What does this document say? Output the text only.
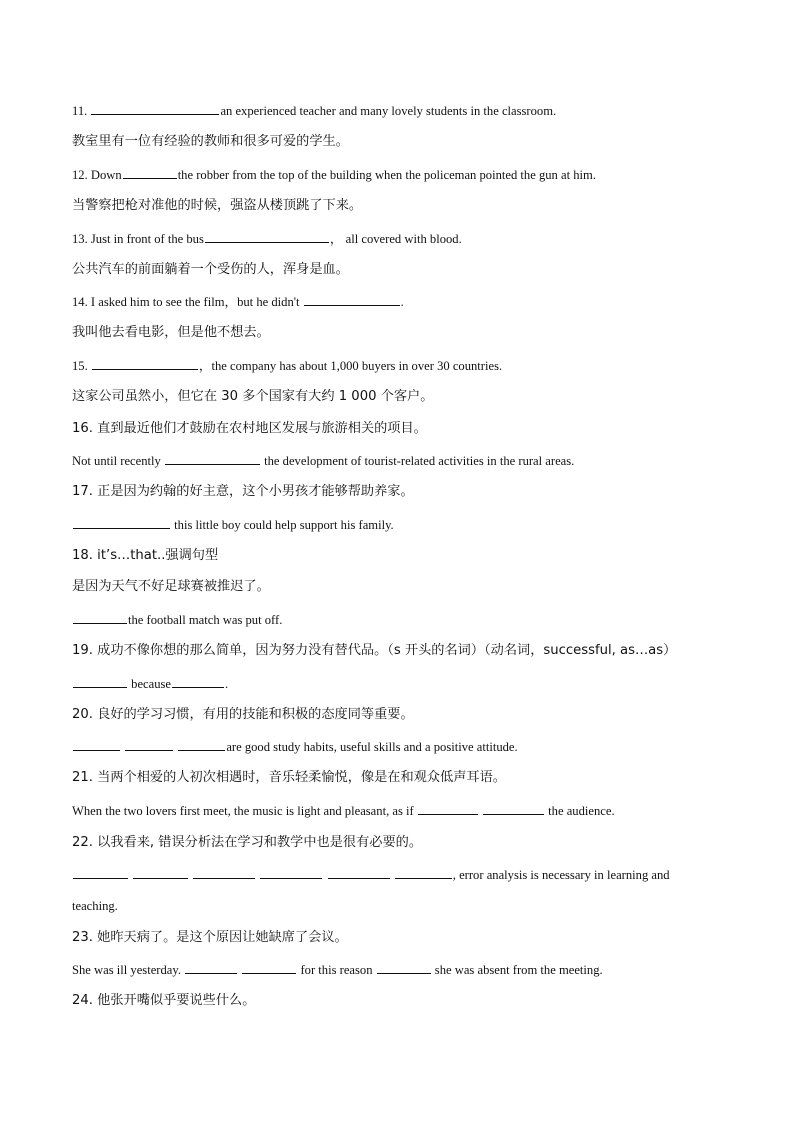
11.	an experienced teacher and many lovely students in the classroom.
教室里有一位有经验的教师和很多可爱的学生。
12. Down	the robber from the top of the building when the policeman pointed the gun at him.
当警察把枪对准他的时候，强盗从楼顶跳了下来。
13. Just in front of the bus	， all covered with blood.
公共汽车的前面躺着一个受伤的人，浑身是血。
14. I asked him to see the film，but he didn't	.
我叫他去看电影，但是他不想去。
15.	，the company has about 1,000 buyers in over 30 countries.
这家公司虽然小，但它在 30 多个国家有大约 1 000 个客户。
16. 直到最近他们才鼓励在农村地区发展与旅游相关的项目。
Not until recently	the development of tourist-related activities in the rural areas.
17. 正是因为约翰的好主意，这个小男孩才能够帮助养家。
this little boy could help support his family.
18. it’s…that..强调句型
是因为天气不好足球赛被推迟了。
the football match was put off.
19. 成功不像你想的那么简单，因为努力没有替代品。（s 开头的名词）（动名词，successful, as…as）
because	.
20. 良好的学习习惯，有用的技能和积极的态度同等重要。
are good study habits, useful skills and a positive attitude.
21. 当两个相爱的人初次相遇时，音乐轻柔愉悦，像是在和观众低声耳语。
When the two lovers first meet, the music is light and pleasant, as if	the audience.
22. 以我看来, 错误分析法在学习和教学中也是很有必要的。
, error analysis is necessary in learning and
teaching.
23. 她昨天病了。是这个原因让她缺席了会议。
She was ill yesterday.	for this reason	she was absent from the meeting.
24. 他张开嘴似乎要说些什么。
